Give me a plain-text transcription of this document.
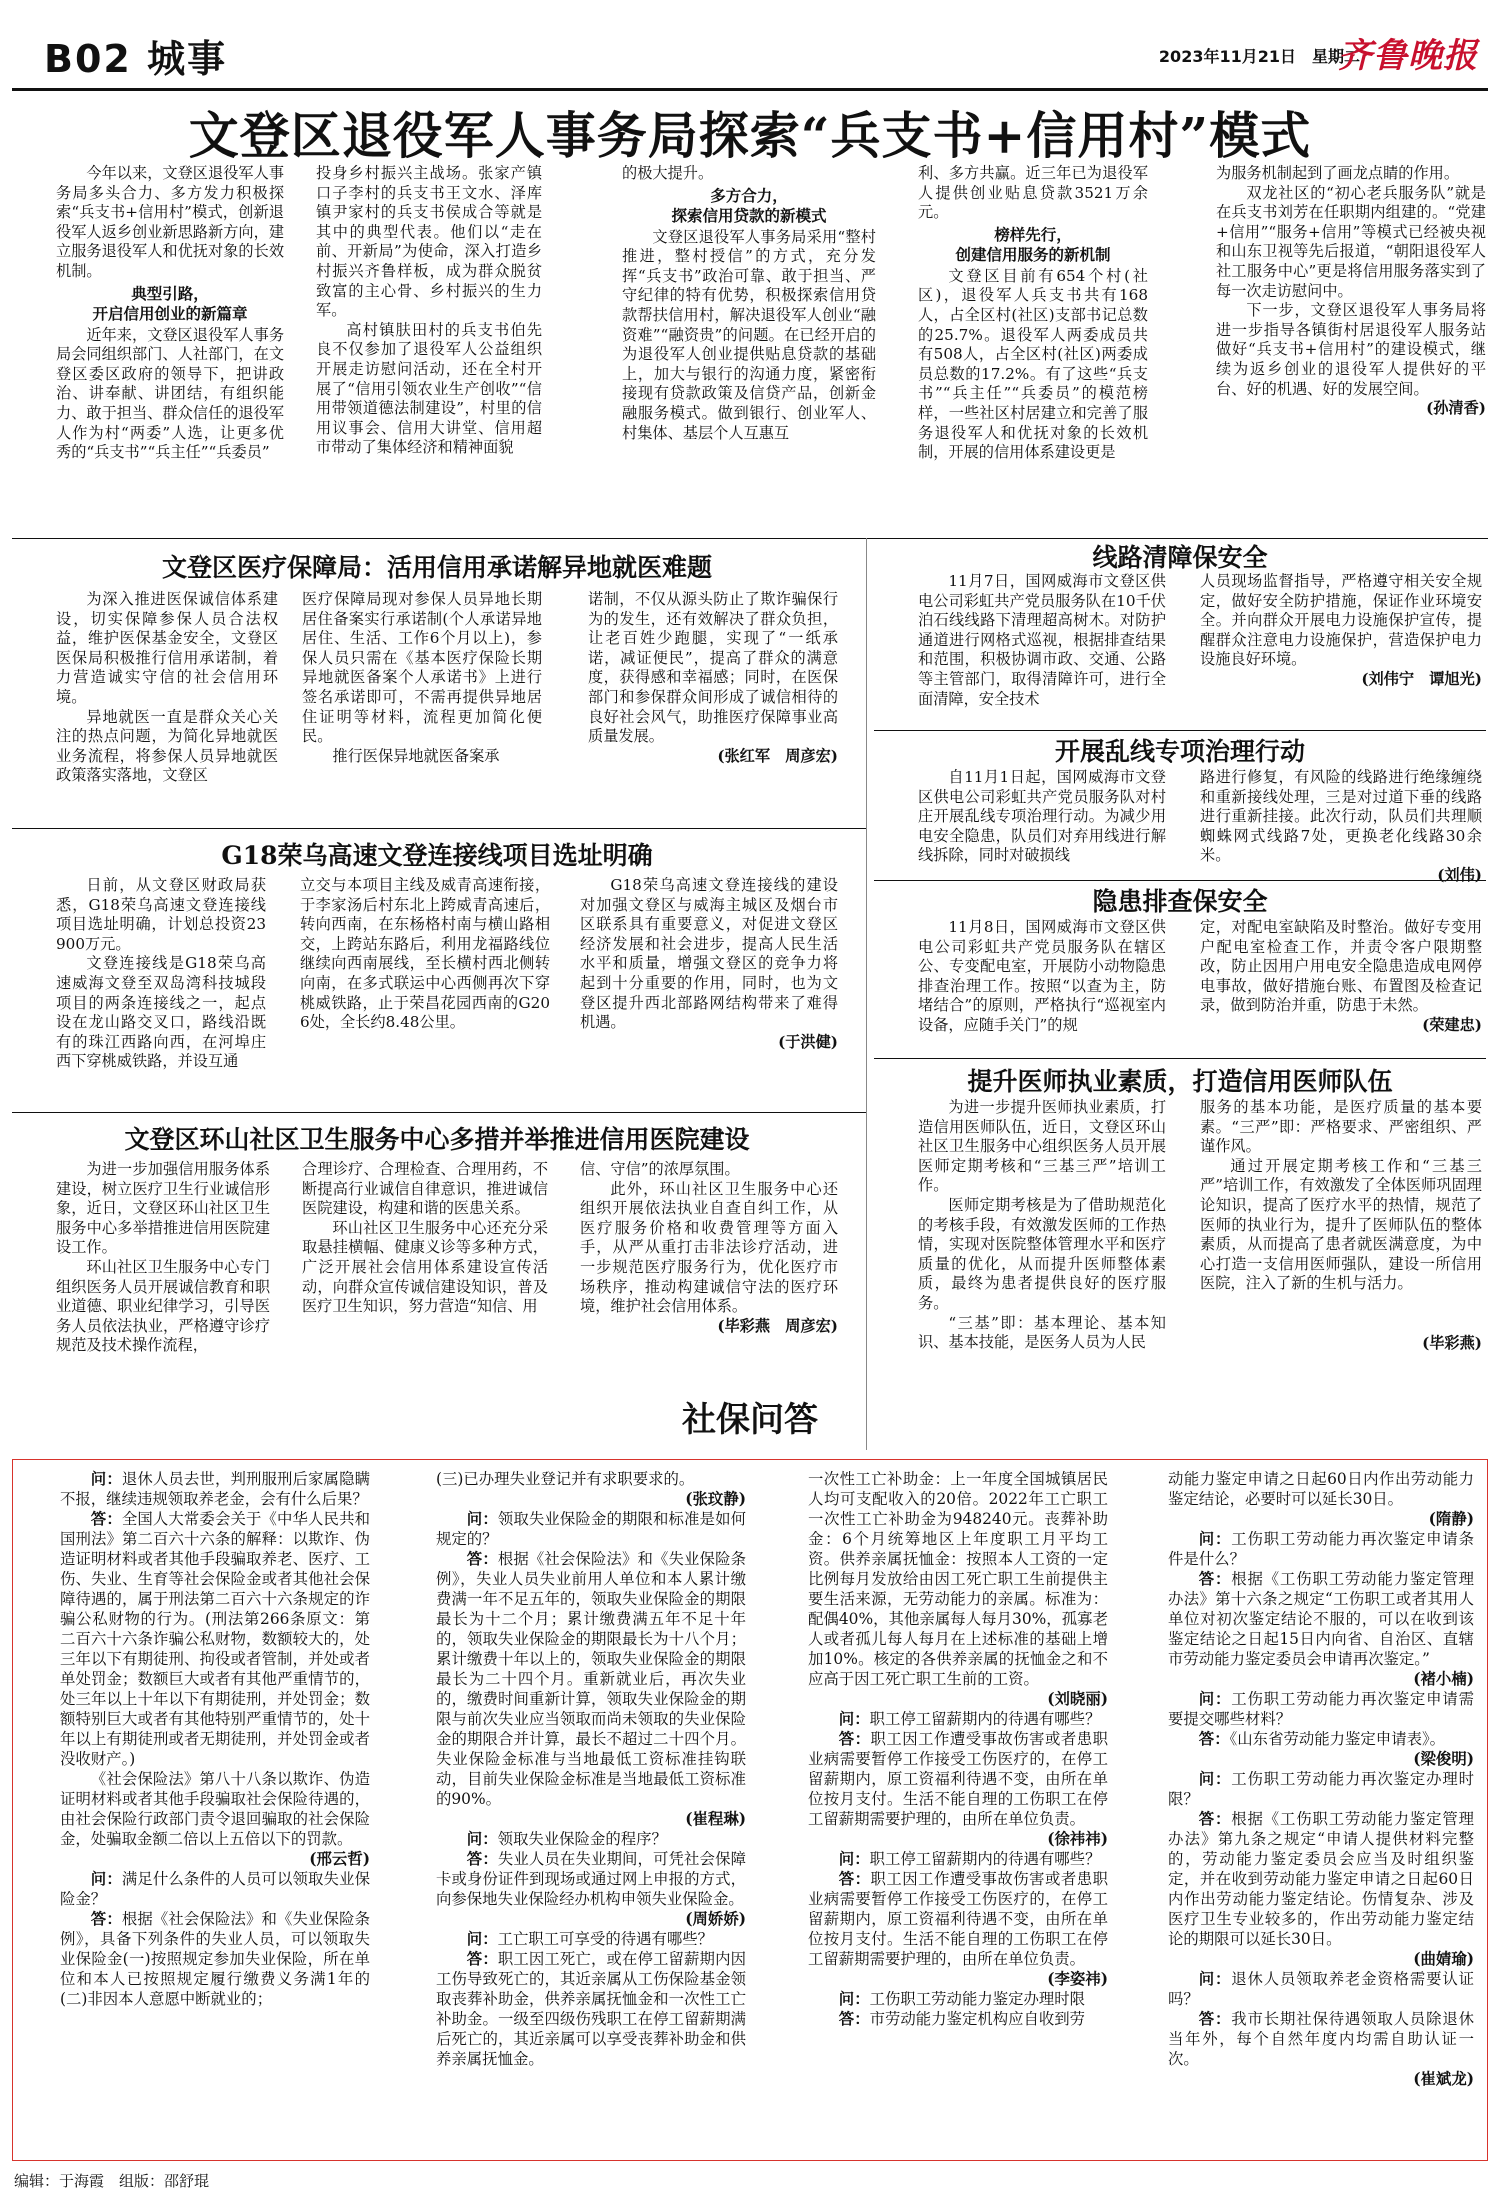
B02 城事	2023年11月21日　星期二
齐鲁晚报
文登区退役军人事务局探索“兵支书+信用村”模式

今年以来，文登区退役军人事务局多头合力、多方发力积极探索“兵支书+信用村”模式，创新退役军人返乡创业新思路新方向，建立服务退役军人和优抚对象的长效机制。

典型引路，
开启信用创业的新篇章

近年来，文登区退役军人事务局会同组织部门、人社部门，在文登区委区政府的领导下，把讲政治、讲奉献、讲团结，有组织能力、敢于担当、群众信任的退役军人作为村“两委”人选，让更多优秀的“兵支书”“兵主任”“兵委员”

投身乡村振兴主战场。张家产镇口子李村的兵支书王文水、泽库镇尹家村的兵支书侯成合等就是其中的典型代表。他们以“走在前、开新局”为使命，深入打造乡村振兴齐鲁样板，成为群众脱贫致富的主心骨、乡村振兴的生力军。

高村镇肤田村的兵支书伯先良不仅参加了退役军人公益组织开展走访慰问活动，还在全村开展了“信用引领农业生产创收”“信用带领道德法制建设”，村里的信用议事会、信用大讲堂、信用超市带动了集体经济和精神面貌

的极大提升。

多方合力，
探索信用贷款的新模式

文登区退役军人事务局采用“整村推进，整村授信”的方式，充分发挥“兵支书”政治可靠、敢于担当、严守纪律的特有优势，积极探索信用贷款帮扶信用村，解决退役军人创业“融资难”“融资贵”的问题。在已经开启的为退役军人创业提供贴息贷款的基础上，加大与银行的沟通力度，紧密衔接现有贷款政策及信贷产品，创新金融服务模式。做到银行、创业军人、村集体、基层个人互惠互

利、多方共赢。近三年已为退役军人提供创业贴息贷款3521万余元。

榜样先行，
创建信用服务的新机制

文登区目前有654个村(社区)，退役军人兵支书共有168人，占全区村(社区)支部书记总数的25.7%。退役军人两委成员共有508人，占全区村(社区)两委成员总数的17.2%。有了这些“兵支书”“兵主任”“兵委员”的模范榜样，一些社区村居建立和完善了服务退役军人和优抚对象的长效机制，开展的信用体系建设更是

为服务机制起到了画龙点睛的作用。

双龙社区的“初心老兵服务队”就是在兵支书刘芳在任职期内组建的。“党建+信用”“服务+信用”等模式已经被央视和山东卫视等先后报道，“朝阳退役军人社工服务中心”更是将信用服务落实到了每一次走访慰问中。

下一步，文登区退役军人事务局将进一步指导各镇街村居退役军人服务站做好“兵支书+信用村”的建设模式，继续为返乡创业的退役军人提供好的平台、好的机遇、好的发展空间。

(孙清香)
文登区医疗保障局：活用信用承诺解异地就医难题

为深入推进医保诚信体系建设，切实保障参保人员合法权益，维护医保基金安全，文登区医保局积极推行信用承诺制，着力营造诚实守信的社会信用环境。

异地就医一直是群众关心关注的热点问题，为简化异地就医业务流程，将参保人员异地就医政策落实落地，文登区

医疗保障局现对参保人员异地长期居住备案实行承诺制(个人承诺异地居住、生活、工作6个月以上)，参保人员只需在《基本医疗保险长期异地就医备案个人承诺书》上进行签名承诺即可，不需再提供异地居住证明等材料，流程更加简化便民。

推行医保异地就医备案承

诺制，不仅从源头防止了欺诈骗保行为的发生，还有效解决了群众负担，让老百姓少跑腿，实现了“一纸承诺，减证便民”，提高了群众的满意度，获得感和幸福感；同时，在医保部门和参保群众间形成了诚信相待的良好社会风气，助推医疗保障事业高质量发展。

(张红军　周彦宏)
G18荣乌高速文登连接线项目选址明确

日前，从文登区财政局获悉，G18荣乌高速文登连接线项目选址明确，计划总投资23900万元。

文登连接线是G18荣乌高速威海文登至双岛湾科技城段项目的两条连接线之一，起点设在龙山路交叉口，路线沿既有的珠江西路向西，在河埠庄西下穿桃威铁路，并设互通

立交与本项目主线及威青高速衔接，于李家汤后村东北上跨威青高速后，转向西南，在东杨格村南与横山路相交，上跨站东路后，利用龙福路线位继续向西南展线，至长横村西北侧转向南，在多式联运中心西侧再次下穿桃威铁路，止于荣昌花园西南的G206处，全长约8.48公里。

G18荣乌高速文登连接线的建设对加强文登区与威海主城区及烟台市区联系具有重要意义，对促进文登区经济发展和社会进步，提高人民生活水平和质量，增强文登区的竞争力将起到十分重要的作用，同时，也为文登区提升西北部路网结构带来了难得机遇。

(于洪健)
文登区环山社区卫生服务中心多措并举推进信用医院建设

为进一步加强信用服务体系建设，树立医疗卫生行业诚信形象，近日，文登区环山社区卫生服务中心多举措推进信用医院建设工作。

环山社区卫生服务中心专门组织医务人员开展诚信教育和职业道德、职业纪律学习，引导医务人员依法执业，严格遵守诊疗规范及技术操作流程，

合理诊疗、合理检查、合理用药，不断提高行业诚信自律意识，推进诚信医院建设，构建和谐的医患关系。

环山社区卫生服务中心还充分采取悬挂横幅、健康义诊等多种方式，广泛开展社会信用体系建设宣传活动，向群众宣传诚信建设知识，普及医疗卫生知识，努力营造“知信、用

信、守信”的浓厚氛围。

此外，环山社区卫生服务中心还组织开展依法执业自查自纠工作，从医疗服务价格和收费管理等方面入手，从严从重打击非法诊疗活动，进一步规范医疗服务行为，优化医疗市场秩序，推动构建诚信守法的医疗环境，维护社会信用体系。

(毕彩燕　周彦宏)
线路清障保安全

11月7日，国网威海市文登区供电公司彩虹共产党员服务队在10千伏泊石线线路下清理超高树木。对防护通道进行网格式巡视，根据排查结果和范围，积极协调市政、交通、公路等主管部门，取得清障许可，进行全面清障，安全技术

人员现场监督指导，严格遵守相关安全规定，做好安全防护措施，保证作业环境安全。并向群众开展电力设施保护宣传，提醒群众注意电力设施保护，营造保护电力设施良好环境。

(刘伟宁　谭旭光)
开展乱线专项治理行动

自11月1日起，国网威海市文登区供电公司彩虹共产党员服务队对村庄开展乱线专项治理行动。为减少用电安全隐患，队员们对弃用线进行解线拆除，同时对破损线

路进行修复，有风险的线路进行绝缘缠绕和重新接线处理，三是对过道下垂的线路进行重新挂接。此次行动，队员们共理顺蜘蛛网式线路7处，更换老化线路30余米。

(刘伟)
隐患排查保安全

11月8日，国网威海市文登区供电公司彩虹共产党员服务队在辖区公、专变配电室，开展防小动物隐患排查治理工作。按照“以查为主，防堵结合”的原则，严格执行“巡视室内设备，应随手关门”的规

定，对配电室缺陷及时整治。做好专变用户配电室检查工作，并责令客户限期整改，防止因用户用电安全隐患造成电网停电事故，做好措施台账、布置图及检查记录，做到防治并重，防患于未然。

(荣建忠)
提升医师执业素质，打造信用医师队伍

为进一步提升医师执业素质，打造信用医师队伍，近日，文登区环山社区卫生服务中心组织医务人员开展医师定期考核和“三基三严”培训工作。

医师定期考核是为了借助规范化的考核手段，有效激发医师的工作热情，实现对医院整体管理水平和医疗质量的优化，从而提升医师整体素质，最终为患者提供良好的医疗服务。

“三基”即：基本理论、基本知识、基本技能，是医务人员为人民

服务的基本功能，是医疗质量的基本要素。“三严”即：严格要求、严密组织、严谨作风。

通过开展定期考核工作和“三基三严”培训工作，有效激发了全体医师巩固理论知识，提高了医疗水平的热情，规范了医师的执业行为，提升了医师队伍的整体素质，从而提高了患者就医满意度，为中心打造一支信用医师强队，建设一所信用医院，注入了新的生机与活力。

(毕彩燕)
社保问答

问：退休人员去世，判刑服刑后家属隐瞒不报，继续违规领取养老金，会有什么后果？

答：全国人大常委会关于《中华人民共和国刑法》第二百六十六条的解释：以欺诈、伪造证明材料或者其他手段骗取养老、医疗、工伤、失业、生育等社会保险金或者其他社会保障待遇的，属于刑法第二百六十六条规定的诈骗公私财物的行为。(刑法第266条原文：第二百六十六条诈骗公私财物，数额较大的，处三年以下有期徒刑、拘役或者管制，并处或者单处罚金；数额巨大或者有其他严重情节的，处三年以上十年以下有期徒刑，并处罚金；数额特别巨大或者有其他特别严重情节的，处十年以上有期徒刑或者无期徒刑，并处罚金或者没收财产。)

《社会保险法》第八十八条以欺诈、伪造证明材料或者其他手段骗取社会保险待遇的，由社会保险行政部门责令退回骗取的社会保险金，处骗取金额二倍以上五倍以下的罚款。

(邢云哲)

问：满足什么条件的人员可以领取失业保险金？

答：根据《社会保险法》和《失业保险条例》，具备下列条件的失业人员，可以领取失业保险金(一)按照规定参加失业保险，所在单位和本人已按照规定履行缴费义务满1年的(二)非因本人意愿中断就业的；

(三)已办理失业登记并有求职要求的。

(张玟静)

问：领取失业保险金的期限和标准是如何规定的？

答：根据《社会保险法》和《失业保险条例》，失业人员失业前用人单位和本人累计缴费满一年不足五年的，领取失业保险金的期限最长为十二个月；累计缴费满五年不足十年的，领取失业保险金的期限最长为十八个月；累计缴费十年以上的，领取失业保险金的期限最长为二十四个月。重新就业后，再次失业的，缴费时间重新计算，领取失业保险金的期限与前次失业应当领取而尚未领取的失业保险金的期限合并计算，最长不超过二十四个月。失业保险金标准与当地最低工资标准挂钩联动，目前失业保险金标准是当地最低工资标准的90%。

(崔程琳)

问：领取失业保险金的程序？

答：失业人员在失业期间，可凭社会保障卡或身份证件到现场或通过网上申报的方式，向参保地失业保险经办机构申领失业保险金。

(周娇娇)

问：工亡职工可享受的待遇有哪些？

答：职工因工死亡，或在停工留薪期内因工伤导致死亡的，其近亲属从工伤保险基金领取丧葬补助金，供养亲属抚恤金和一次性工亡补助金。一级至四级伤残职工在停工留薪期满后死亡的，其近亲属可以享受丧葬补助金和供养亲属抚恤金。

一次性工亡补助金：上一年度全国城镇居民人均可支配收入的20倍。2022年工亡职工一次性工亡补助金为948240元。丧葬补助金：6个月统筹地区上年度职工月平均工资。供养亲属抚恤金：按照本人工资的一定比例每月发放给由因工死亡职工生前提供主要生活来源，无劳动能力的亲属。标准为：配偶40%，其他亲属每人每月30%，孤寡老人或者孤儿每人每月在上述标准的基础上增加10%。核定的各供养亲属的抚恤金之和不应高于因工死亡职工生前的工资。

(刘晓丽)

问：职工停工留薪期内的待遇有哪些？

答：职工因工作遭受事故伤害或者患职业病需要暂停工作接受工伤医疗的，在停工留薪期内，原工资福利待遇不变，由所在单位按月支付。生活不能自理的工伤职工在停工留薪期需要护理的，由所在单位负责。

(徐祎祎)

问：职工停工留薪期内的待遇有哪些？

答：职工因工作遭受事故伤害或者患职业病需要暂停工作接受工伤医疗的，在停工留薪期内，原工资福利待遇不变，由所在单位按月支付。生活不能自理的工伤职工在停工留薪期需要护理的，由所在单位负责。

(李姿祎)

问：工伤职工劳动能力鉴定办理时限

答：市劳动能力鉴定机构应自收到劳

动能力鉴定申请之日起60日内作出劳动能力鉴定结论，必要时可以延长30日。

(隋静)

问：工伤职工劳动能力再次鉴定申请条件是什么？

答：根据《工伤职工劳动能力鉴定管理办法》第十六条之规定“工伤职工或者其用人单位对初次鉴定结论不服的，可以在收到该鉴定结论之日起15日内向省、自治区、直辖市劳动能力鉴定委员会申请再次鉴定。”

(褚小楠)

问：工伤职工劳动能力再次鉴定申请需要提交哪些材料？

答：《山东省劳动能力鉴定申请表》。

(梁俊明)

问：工伤职工劳动能力再次鉴定办理时限？

答：根据《工伤职工劳动能力鉴定管理办法》第九条之规定“申请人提供材料完整的，劳动能力鉴定委员会应当及时组织鉴定，并在收到劳动能力鉴定申请之日起60日内作出劳动能力鉴定结论。伤情复杂、涉及医疗卫生专业较多的，作出劳动能力鉴定结论的期限可以延长30日。

(曲婧瑜)

问：退休人员领取养老金资格需要认证吗？

答：我市长期社保待遇领取人员除退休当年外，每个自然年度内均需自助认证一次。

(崔斌龙)
编辑：于海霞　组版：邵舒琨
